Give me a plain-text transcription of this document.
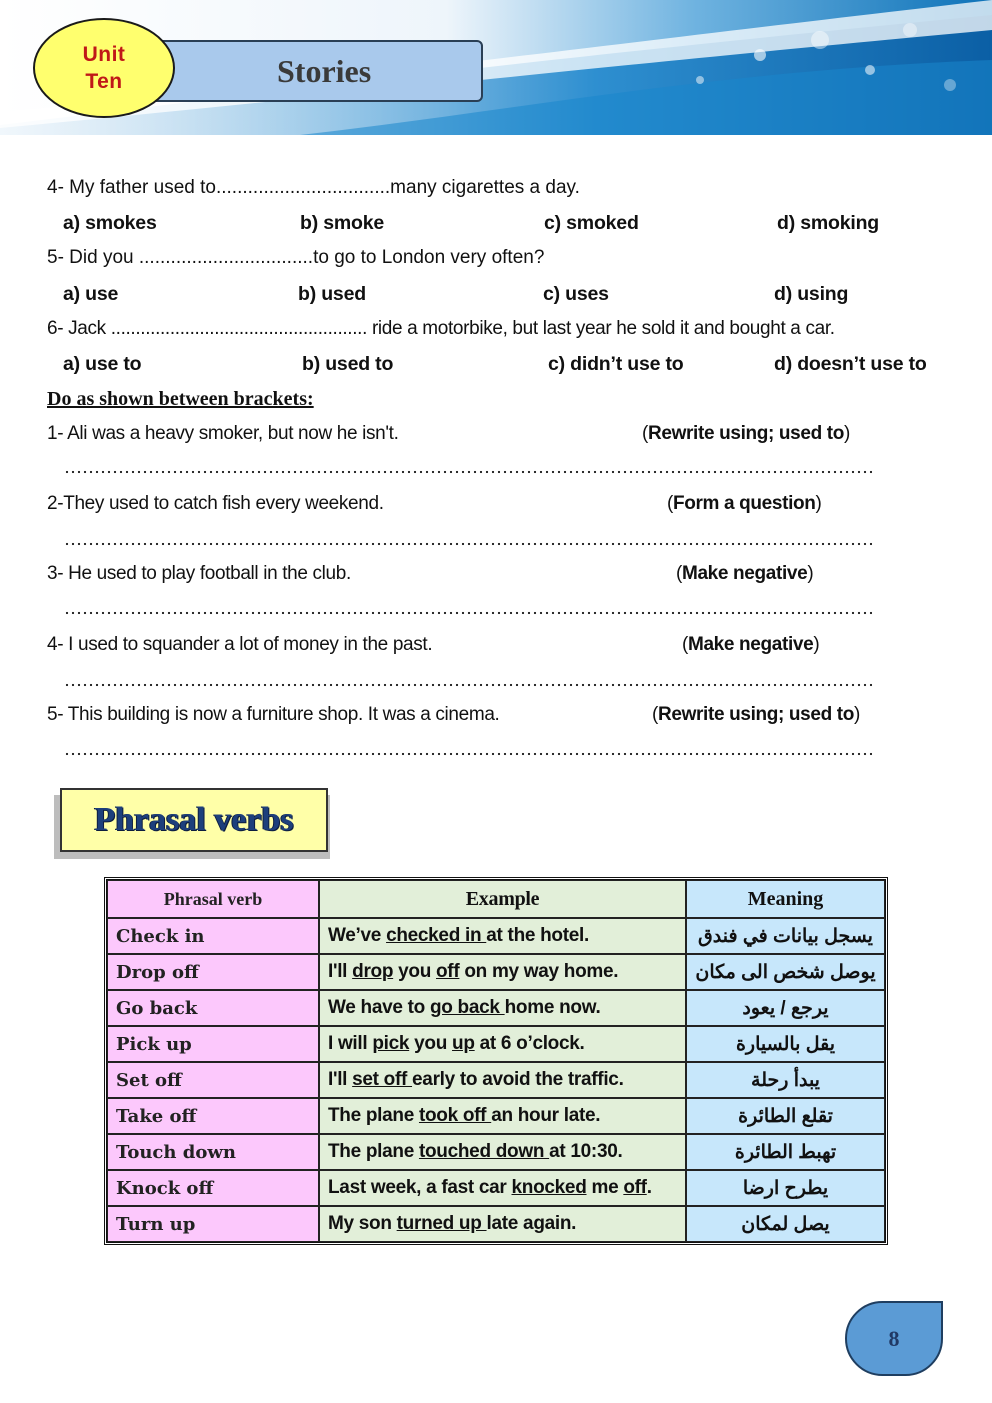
Stories
Unit
Ten
4- My father used to.................................many cigarettes a day.
a) smokes	b) smoke	c) smoked	d) smoking
5- Did you .................................to go to London very often?
a) use	b) used	c) uses	d) using
6- Jack .................................................... ride a motorbike, but last year he sold it and bought a car.
a) use to	b) used to	c) didn’t use to	d) doesn’t use to
Do as shown between brackets:
1- Ali was a heavy smoker, but now he isn't.	(Rewrite using; used to)
2-They used to catch fish every weekend.	(Form a question)
3- He used to play football in the club.	(Make negative)
4- I used to squander a lot of money in the past.	(Make negative)
5- This building is now a furniture shop. It was a cinema.	(Rewrite using; used to)
Phrasal verbs
Phrasal verb	Example	Meaning
Check in	We’ve checked in at the hotel.	يسجل بيانات في فندق
Drop off	I'll drop you off on my way home.	يوصل شخص الى مكان
Go back	We have to go back home now.	يرجع / يعود
Pick up	I will pick you up at 6 o’clock.	يقل بالسيارة
Set off	I'll set off early to avoid the traffic.	يبدأ رحلة
Take off	The plane took off an hour late.	تقلع الطائرة
Touch down	The plane touched down at 10:30.	تهبط الطائرة
Knock off	Last week, a fast car knocked me off.	يطرح ارضا
Turn up	My son turned up late again.	يصل لمكان
8
